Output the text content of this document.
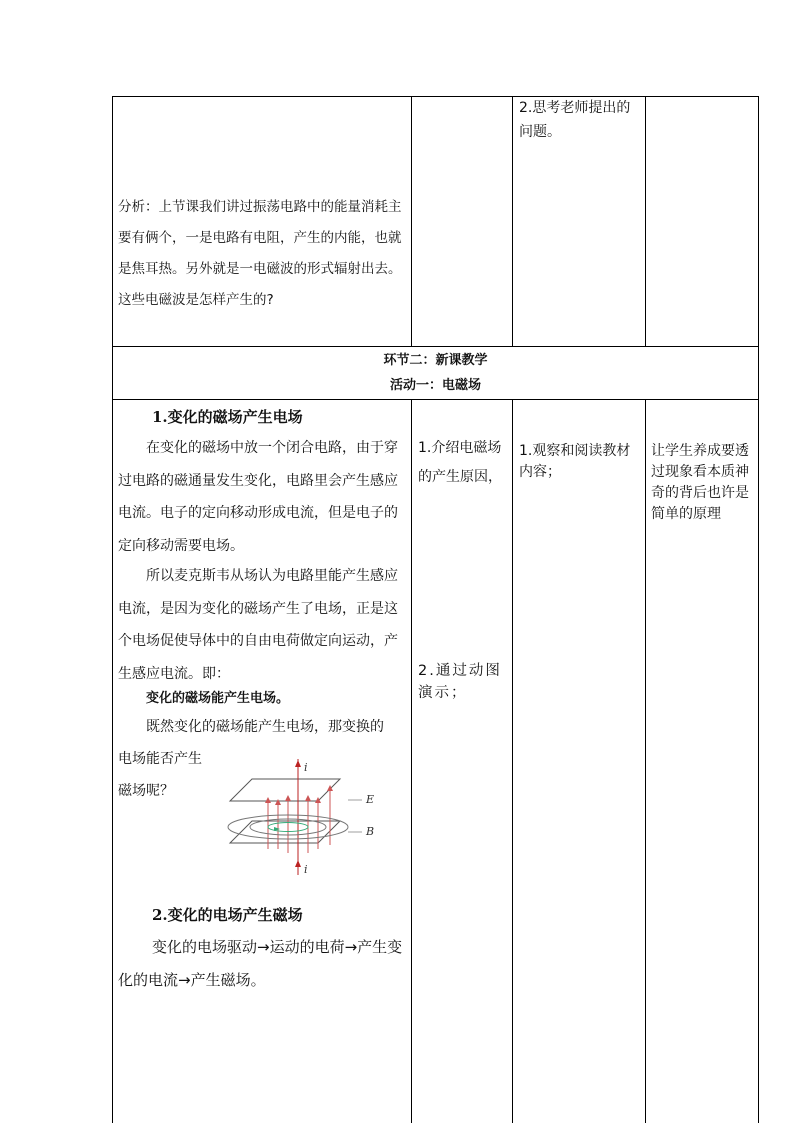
分析：上节课我们讲过振荡电路中的能量消耗主要有俩个，一是电路有电阻，产生的内能，也就是焦耳热。另外就是一电磁波的形式辐射出去。这些电磁波是怎样产生的?
2.思考老师提出的问题。
环节二：新课教学
活动一：电磁场
1.变化的磁场产生电场
在变化的磁场中放一个闭合电路，由于穿过电路的磁通量发生变化，电路里会产生感应电流。电子的定向移动形成电流，但是电子的定向移动需要电场。
所以麦克斯韦从场认为电路里能产生感应电流，是因为变化的磁场产生了电场，正是这个电场促使导体中的自由电荷做定向运动，产生感应电流。即：
变化的磁场能产生电场。
既然变化的磁场能产生电场，那变换的
电场能否产生
磁场呢？
i
i
E
B
2.变化的电场产生磁场
变化的电场驱动→运动的电荷→产生变化的电流→产生磁场。
1.介绍电磁场的产生原因，
2.通过动图演示；
1.观察和阅读教材内容；
让学生养成要透过现象看本质神奇的背后也许是简单的原理
